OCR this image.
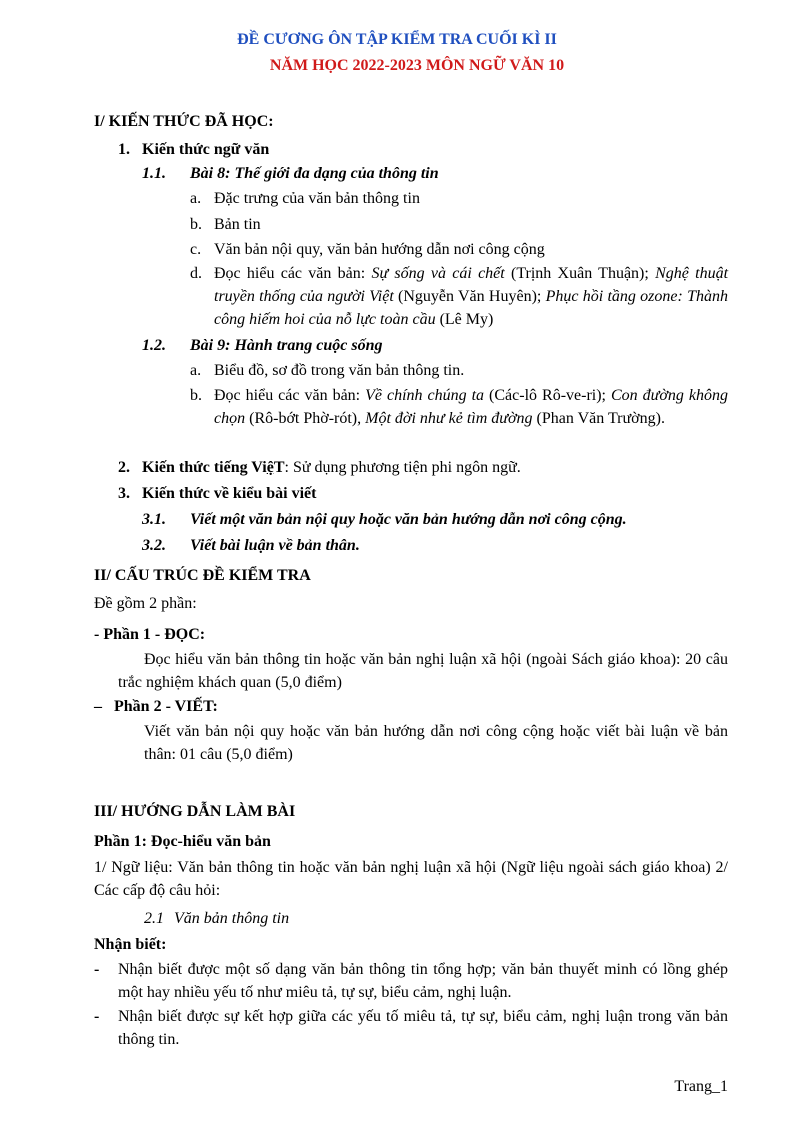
ĐỀ CƯƠNG ÔN TẬP KIỂM TRA CUỐI KÌ II
NĂM HỌC 2022-2023 MÔN NGỮ VĂN 10
I/ KIẾN THỨC ĐÃ HỌC:
1. Kiến thức ngữ văn
1.1. Bài 8: Thế giới đa dạng của thông tin
a. Đặc trưng của văn bản thông tin
b. Bản tin
c. Văn bản nội quy, văn bản hướng dẫn nơi công cộng
d. Đọc hiểu các văn bản: Sự sống và cái chết (Trịnh Xuân Thuận); Nghệ thuật truyền thống của người Việt (Nguyễn Văn Huyên); Phục hồi tầng ozone: Thành công hiếm hoi của nỗ lực toàn cầu (Lê My)
1.2. Bài 9: Hành trang cuộc sống
a. Biểu đồ, sơ đồ trong văn bản thông tin.
b. Đọc hiểu các văn bản: Về chính chúng ta (Các-lô Rô-ve-ri); Con đường không chọn (Rô-bớt Phờ-rót), Một đời như kẻ tìm đường (Phan Văn Trường).
2. Kiến thức tiếng ViệT: Sử dụng phương tiện phi ngôn ngữ.
3. Kiến thức về kiểu bài viết
3.1. Viết một văn bản nội quy hoặc văn bản hướng dẫn nơi công cộng.
3.2. Viết bài luận về bản thân.
II/ CẤU TRÚC ĐỀ KIỂM TRA
Đề gồm 2 phần:
- Phần 1 - ĐỌC:
Đọc hiểu văn bản thông tin hoặc văn bản nghị luận xã hội (ngoài Sách giáo khoa): 20 câu trắc nghiệm khách quan (5,0 điểm)
– Phần 2 - VIẾT:
Viết văn bản nội quy hoặc văn bản hướng dẫn nơi công cộng hoặc viết bài luận về bản thân: 01 câu (5,0 điểm)
III/ HƯỚNG DẪN LÀM BÀI
Phần 1: Đọc-hiểu văn bản
1/ Ngữ liệu: Văn bản thông tin hoặc văn bản nghị luận xã hội (Ngữ liệu ngoài sách giáo khoa) 2/ Các cấp độ câu hỏi:
2.1 Văn bản thông tin
Nhận biết:
-	Nhận biết được một số dạng văn bản thông tin tổng hợp; văn bản thuyết minh có lồng ghép một hay nhiều yếu tố như miêu tả, tự sự, biểu cảm, nghị luận.
-	Nhận biết được sự kết hợp giữa các yếu tố miêu tả, tự sự, biểu cảm, nghị luận trong văn bản thông tin.
Trang_1
